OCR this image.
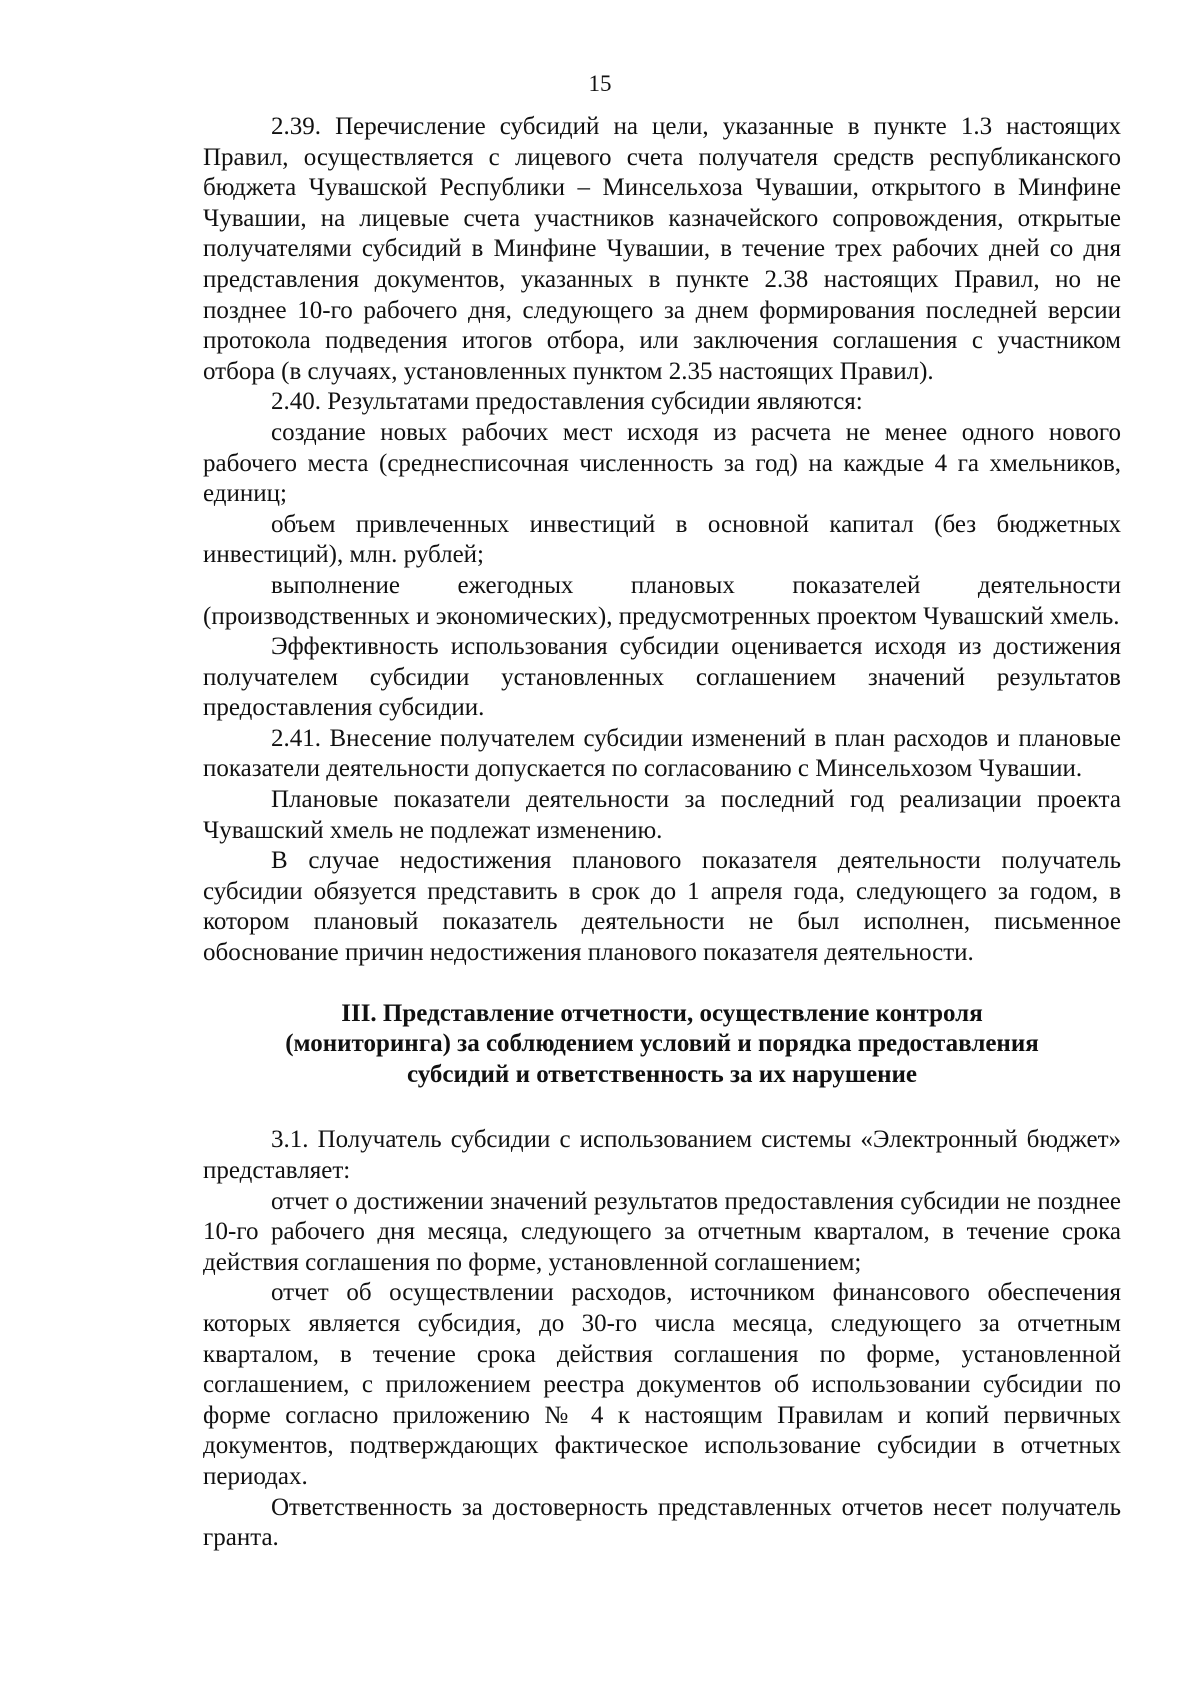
15

2.39. Перечисление субсидий на цели, указанные в пункте 1.3 настоящих Правил, осуществляется с лицевого счета получателя средств республиканского бюджета Чувашской Республики – Минсельхоза Чувашии, открытого в Минфине Чувашии, на лицевые счета участников казначейского сопровождения, открытые получателями субсидий в Минфине Чувашии, в течение трех рабочих дней со дня представления документов, указанных в пункте 2.38 настоящих Правил, но не позднее 10-го рабочего дня, следующего за днем формирования последней версии протокола подведения итогов отбора, или заключения соглашения с участником отбора (в случаях, установленных пунктом 2.35 настоящих Правил).

2.40. Результатами предоставления субсидии являются:

создание новых рабочих мест исходя из расчета не менее одного нового рабочего места (среднесписочная численность за год) на каждые 4 га хмельников, единиц;

объем привлеченных инвестиций в основной капитал (без бюджетных инвестиций), млн. рублей;

выполнение ежегодных плановых показателей деятельности (производственных и экономических), предусмотренных проектом Чувашский хмель.

Эффективность использования субсидии оценивается исходя из достижения получателем субсидии установленных соглашением значений результатов предоставления субсидии.

2.41. Внесение получателем субсидии изменений в план расходов и плановые показатели деятельности допускается по согласованию с Минсельхозом Чувашии.

Плановые показатели деятельности за последний год реализации проекта Чувашский хмель не подлежат изменению.

В случае недостижения планового показателя деятельности получатель субсидии обязуется представить в срок до 1 апреля года, следующего за годом, в котором плановый показатель деятельности не был исполнен, письменное обоснование причин недостижения планового показателя деятельности.

III. Представление отчетности, осуществление контроля

(мониторинга) за соблюдением условий и порядка предоставления

субсидий и ответственность за их нарушение

3.1. Получатель субсидии с использованием системы «Электронный бюджет» представляет:

отчет о достижении значений результатов предоставления субсидии не позднее 10-го рабочего дня месяца, следующего за отчетным кварталом, в течение срока действия соглашения по форме, установленной соглашением;

отчет об осуществлении расходов, источником финансового обеспечения которых является субсидия, до 30-го числа месяца, следующего за отчетным кварталом, в течение срока действия соглашения по форме, установленной соглашением, с приложением реестра документов об использовании субсидии по форме согласно приложению № 4 к настоящим Правилам и копий первичных документов, подтверждающих фактическое использование субсидии в отчетных периодах.

Ответственность за достоверность представленных отчетов несет получатель гранта.
